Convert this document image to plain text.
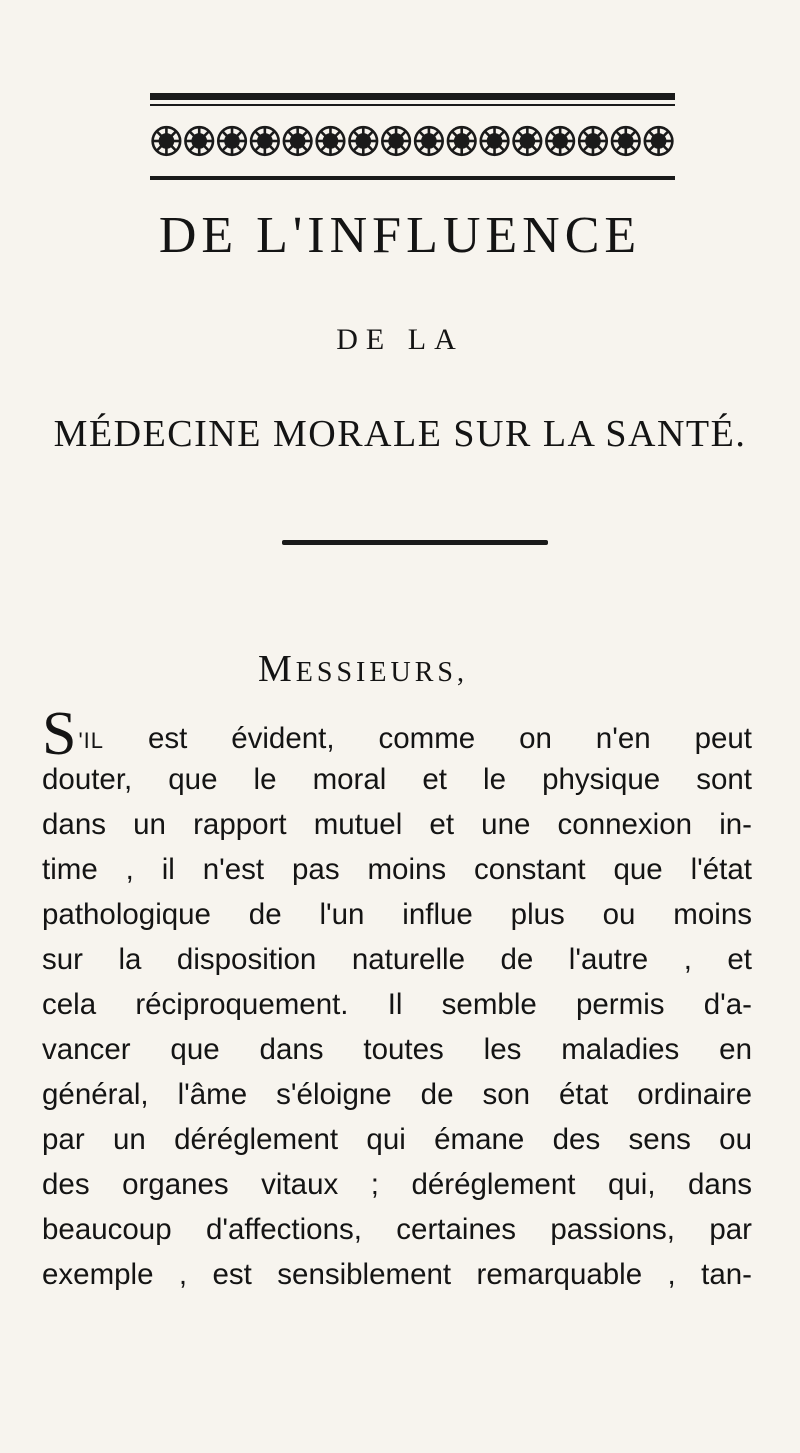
DE L'INFLUENCE
DE LA
MÉDECINE MORALE SUR LA SANTÉ.
MESSIEURS,
S'IL est évident, comme on n'en peut
douter, que le moral et le physique sont
dans un rapport mutuel et une connexion in-
time , il n'est pas moins constant que l'état
pathologique de l'un influe plus ou moins
sur la disposition naturelle de l'autre , et
cela réciproquement. Il semble permis d'a-
vancer que dans toutes les maladies en
général, l'âme s'éloigne de son état ordinaire
par un déréglement qui émane des sens ou
des organes vitaux ; déréglement qui, dans
beaucoup d'affections, certaines passions, par
exemple , est sensiblement remarquable , tan-
